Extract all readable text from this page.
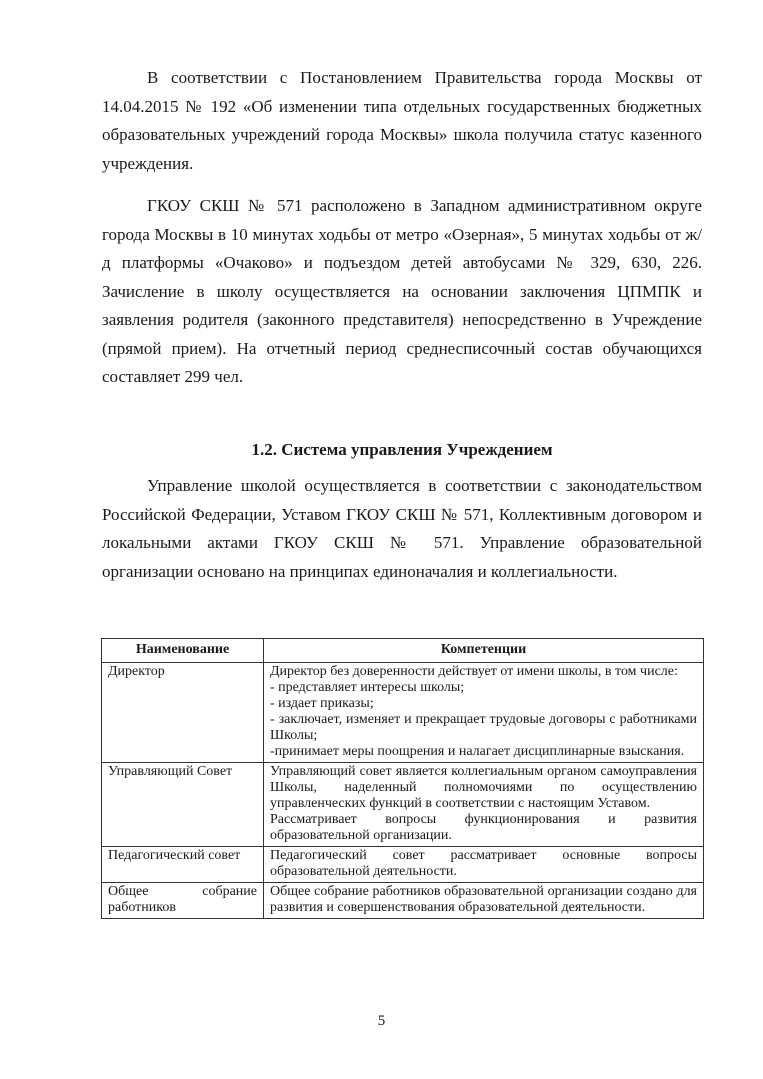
В соответствии с Постановлением Правительства города Москвы от 14.04.2015 № 192 «Об изменении типа отдельных государственных бюджетных образовательных учреждений города Москвы» школа получила статус казенного учреждения.

ГКОУ СКШ № 571 расположено в Западном административном округе города Москвы в 10 минутах ходьбы от метро «Озерная», 5 минутах ходьбы от ж/д платформы «Очаково» и подъездом детей автобусами № 329, 630, 226. Зачисление в школу осуществляется на основании заключения ЦПМПК и заявления родителя (законного представителя) непосредственно в Учреждение (прямой прием). На отчетный период среднесписочный состав обучающихся составляет 299 чел.

1.2. Система управления Учреждением

Управление школой осуществляется в соответствии с законодательством Российской Федерации, Уставом ГКОУ СКШ № 571, Коллективным договором и локальными актами ГКОУ СКШ № 571. Управление образовательной организации основано на принципах единоначалия и коллегиальности.

Наименование	Компетенции
Директор	Директор без доверенности действует от имени школы, в том числе:
- представляет интересы школы;
- издает приказы;
- заключает, изменяет и прекращает трудовые договоры с работниками Школы;
-принимает меры поощрения и налагает дисциплинарные взыскания.
Управляющий Совет	Управляющий совет является коллегиальным органом самоуправления Школы, наделенный полномочиями по осуществлению управленческих функций в соответствии с настоящим Уставом.
Рассматривает вопросы функционирования и развития образовательной организации.
Педагогический совет	Педагогический совет рассматривает основные вопросы образовательной деятельности.
Общее собрание работников	Общее собрание работников образовательной организации создано для развития и совершенствования образовательной деятельности.
5
